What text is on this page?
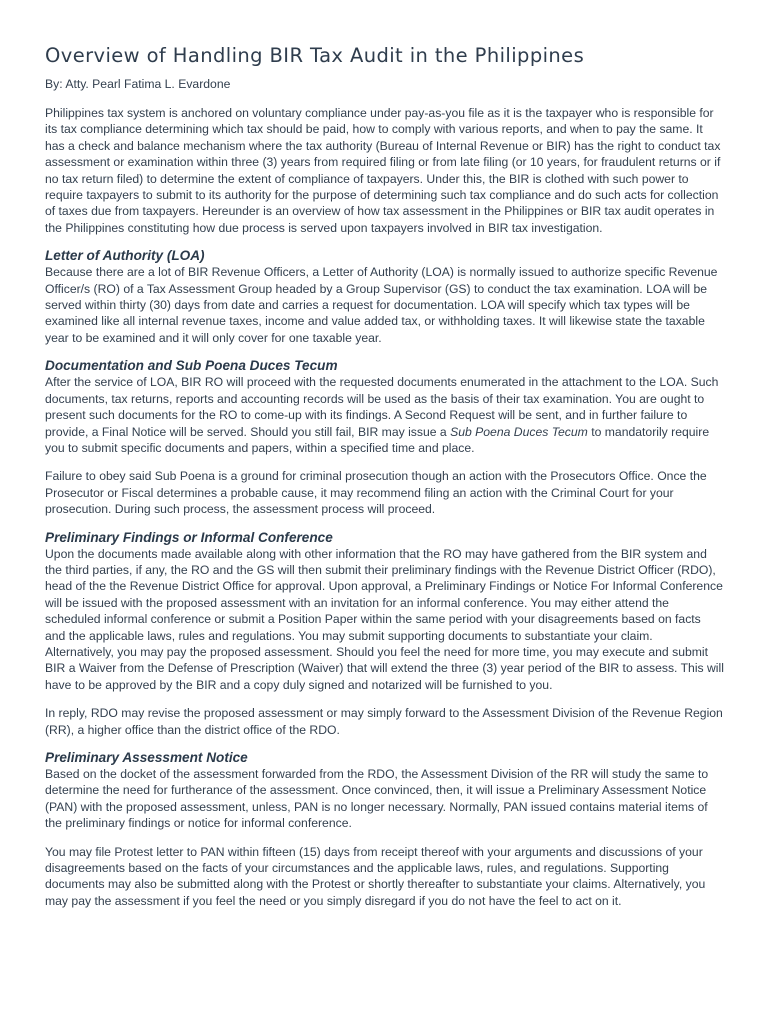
Overview of Handling BIR Tax Audit in the Philippines
By: Atty. Pearl Fatima L. Evardone

Philippines tax system is anchored on voluntary compliance under pay-as-you file as it is the taxpayer who is responsible for its tax compliance determining which tax should be paid, how to comply with various reports, and when to pay the same. It has a check and balance mechanism where the tax authority (Bureau of Internal Revenue or BIR) has the right to conduct tax assessment or examination within three (3) years from required filing or from late filing (or 10 years, for fraudulent returns or if no tax return filed) to determine the extent of compliance of taxpayers. Under this, the BIR is clothed with such power to require taxpayers to submit to its authority for the purpose of determining such tax compliance and do such acts for collection of taxes due from taxpayers. Hereunder is an overview of how tax assessment in the Philippines or BIR tax audit operates in the Philippines constituting how due process is served upon taxpayers involved in BIR tax investigation.

Letter of Authority (LOA)

Because there are a lot of BIR Revenue Officers, a Letter of Authority (LOA) is normally issued to authorize specific Revenue Officer/s (RO) of a Tax Assessment Group headed by a Group Supervisor (GS) to conduct the tax examination. LOA will be served within thirty (30) days from date and carries a request for documentation. LOA will specify which tax types will be examined like all internal revenue taxes, income and value added tax, or withholding taxes. It will likewise state the taxable year to be examined and it will only cover for one taxable year.

Documentation and Sub Poena Duces Tecum

After the service of LOA, BIR RO will proceed with the requested documents enumerated in the attachment to the LOA. Such documents, tax returns, reports and accounting records will be used as the basis of their tax examination. You are ought to present such documents for the RO to come-up with its findings. A Second Request will be sent, and in further failure to provide, a Final Notice will be served. Should you still fail, BIR may issue a Sub Poena Duces Tecum to mandatorily require you to submit specific documents and papers, within a specified time and place.

Failure to obey said Sub Poena is a ground for criminal prosecution though an action with the Prosecutors Office. Once the Prosecutor or Fiscal determines a probable cause, it may recommend filing an action with the Criminal Court for your prosecution. During such process, the assessment process will proceed.

Preliminary Findings or Informal Conference

Upon the documents made available along with other information that the RO may have gathered from the BIR system and the third parties, if any, the RO and the GS will then submit their preliminary findings with the Revenue District Officer (RDO), head of the the Revenue District Office for approval. Upon approval, a Preliminary Findings or Notice For Informal Conference will be issued with the proposed assessment with an invitation for an informal conference. You may either attend the scheduled informal conference or submit a Position Paper within the same period with your disagreements based on facts and the applicable laws, rules and regulations. You may submit supporting documents to substantiate your claim. Alternatively, you may pay the proposed assessment. Should you feel the need for more time, you may execute and submit BIR a Waiver from the Defense of Prescription (Waiver) that will extend the three (3) year period of the BIR to assess. This will have to be approved by the BIR and a copy duly signed and notarized will be furnished to you.

In reply, RDO may revise the proposed assessment or may simply forward to the Assessment Division of the Revenue Region (RR), a higher office than the district office of the RDO.

Preliminary Assessment Notice

Based on the docket of the assessment forwarded from the RDO, the Assessment Division of the RR will study the same to determine the need for furtherance of the assessment. Once convinced, then, it will issue a Preliminary Assessment Notice (PAN) with the proposed assessment, unless, PAN is no longer necessary. Normally, PAN issued contains material items of the preliminary findings or notice for informal conference.

You may file Protest letter to PAN within fifteen (15) days from receipt thereof with your arguments and discussions of your disagreements based on the facts of your circumstances and the applicable laws, rules, and regulations. Supporting documents may also be submitted along with the Protest or shortly thereafter to substantiate your claims. Alternatively, you may pay the assessment if you feel the need or you simply disregard if you do not have the feel to act on it.
